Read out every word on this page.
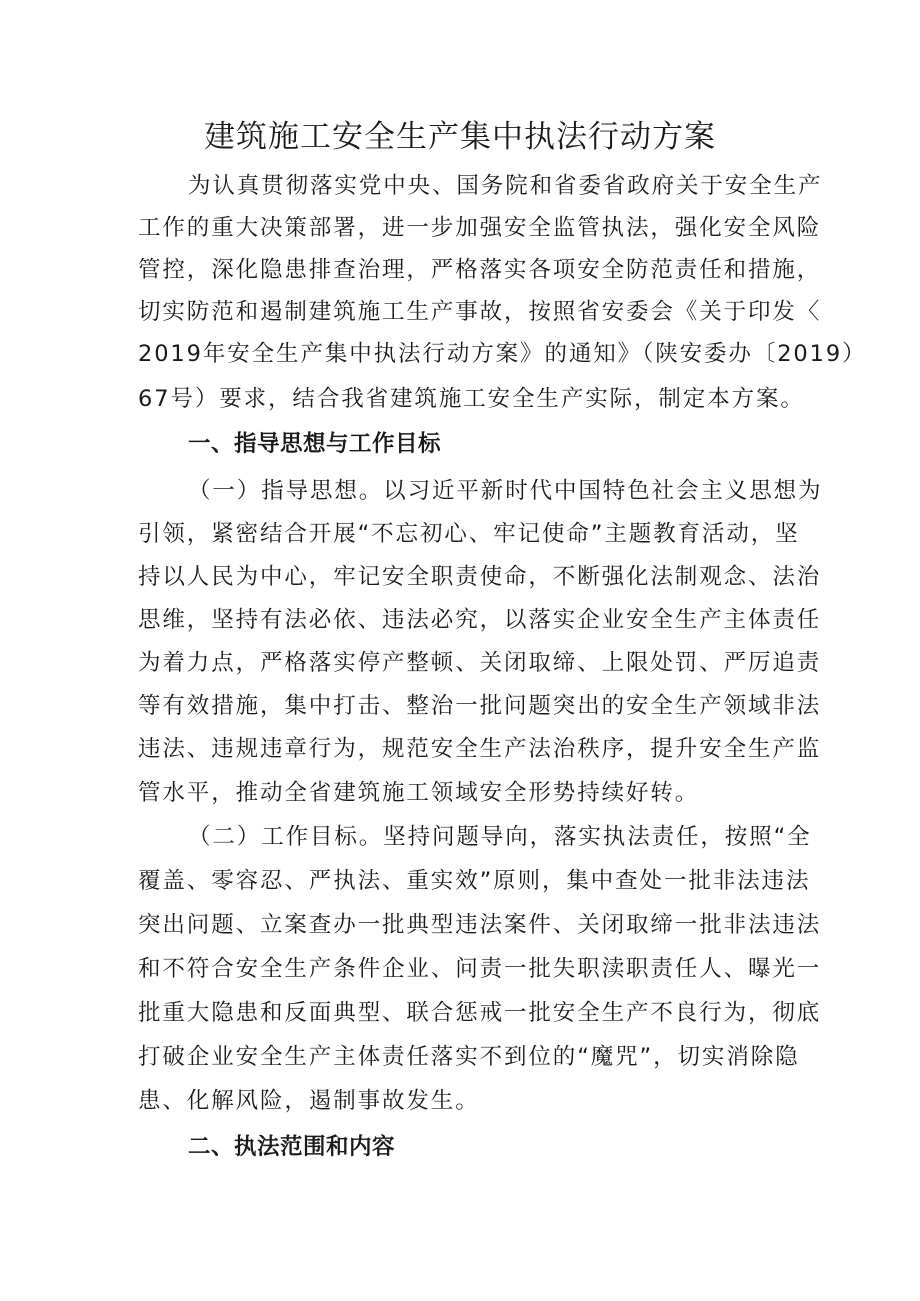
建筑施工安全生产集中执法行动方案
为认真贯彻落实党中央、国务院和省委省政府关于安全生产
工作的重大决策部署，进一步加强安全监管执法，强化安全风险
管控，深化隐患排查治理，严格落实各项安全防范责任和措施，
切实防范和遏制建筑施工生产事故，按照省安委会《关于印发〈
2019年安全生产集中执法行动方案》的通知》（陕安委办〔2019）
67号）要求，结合我省建筑施工安全生产实际，制定本方案。
一、指导思想与工作目标
（一）指导思想。以习近平新时代中国特色社会主义思想为
引领，紧密结合开展“不忘初心、牢记使命”主题教育活动，坚
持以人民为中心，牢记安全职责使命，不断强化法制观念、法治
思维，坚持有法必依、违法必究，以落实企业安全生产主体责任
为着力点，严格落实停产整顿、关闭取缔、上限处罚、严厉追责
等有效措施，集中打击、整治一批问题突出的安全生产领域非法
违法、违规违章行为，规范安全生产法治秩序，提升安全生产监
管水平，推动全省建筑施工领域安全形势持续好转。
（二）工作目标。坚持问题导向，落实执法责任，按照“全
覆盖、零容忍、严执法、重实效”原则，集中查处一批非法违法
突出问题、立案查办一批典型违法案件、关闭取缔一批非法违法
和不符合安全生产条件企业、问责一批失职渎职责任人、曝光一
批重大隐患和反面典型、联合惩戒一批安全生产不良行为，彻底
打破企业安全生产主体责任落实不到位的“魔咒”，切实消除隐
患、化解风险，遏制事故发生。
二、执法范围和内容
